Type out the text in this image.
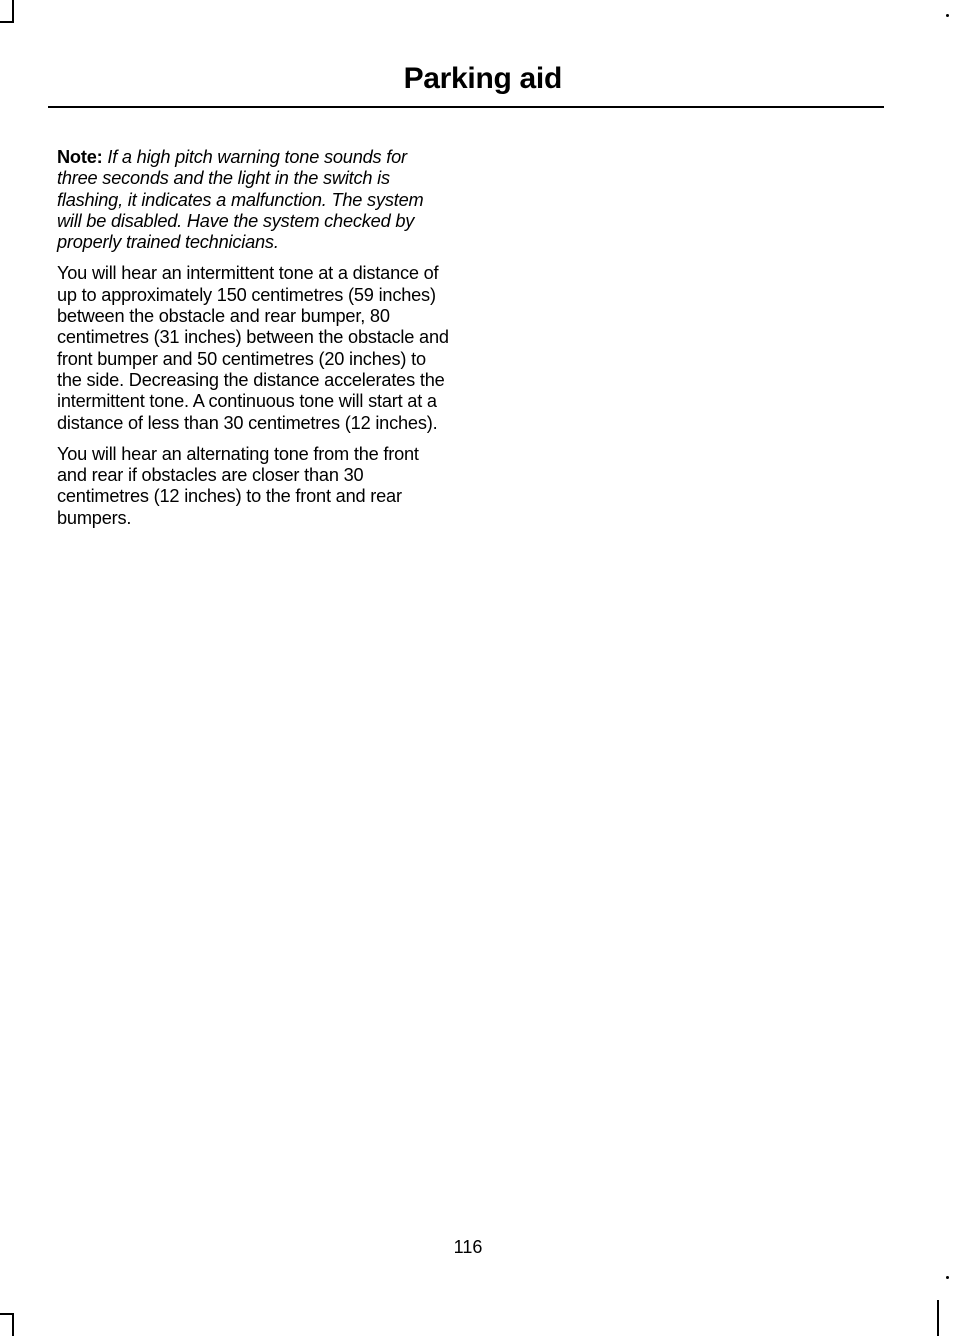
Parking aid

Note: If a high pitch warning tone sounds for three seconds and the light in the switch is flashing, it indicates a malfunction. The system will be disabled. Have the system checked by properly trained technicians.

You will hear an intermittent tone at a distance of up to approximately 150 centimetres (59 inches) between the obstacle and rear bumper, 80 centimetres (31 inches) between the obstacle and front bumper and 50 centimetres (20 inches) to the side. Decreasing the distance accelerates the intermittent tone. A continuous tone will start at a distance of less than 30 centimetres (12 inches).

You will hear an alternating tone from the front and rear if obstacles are closer than 30 centimetres (12 inches) to the front and rear bumpers.

116
